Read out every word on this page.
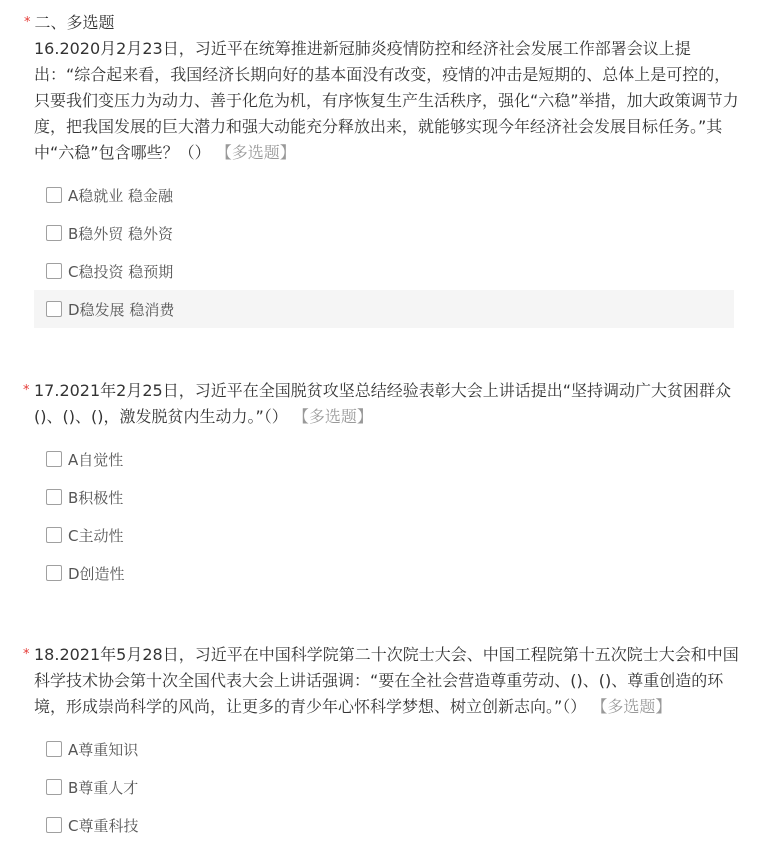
* 二、多选题
16.2020月2月23日，习近平在统筹推进新冠肺炎疫情防控和经济社会发展工作部署会议上提出：“综合起来看，我国经济长期向好的基本面没有改变，疫情的冲击是短期的、总体上是可控的，只要我们变压力为动力、善于化危为机，有序恢复生产生活秩序，强化“六稳”举措，加大政策调节力度，把我国发展的巨大潜力和强大动能充分释放出来，就能够实现今年经济社会发展目标任务。”其中“六稳”包含哪些？（） 【多选题】
A稳就业 稳金融
B稳外贸 稳外资
C稳投资 稳预期
D稳发展 稳消费
* 17.2021年2月25日，习近平在全国脱贫攻坚总结经验表彰大会上讲话提出“坚持调动广大贫困群众()、()、()，激发脱贫内生动力。”（） 【多选题】
A自觉性
B积极性
C主动性
D创造性
* 18.2021年5月28日，习近平在中国科学院第二十次院士大会、中国工程院第十五次院士大会和中国科学技术协会第十次全国代表大会上讲话强调：“要在全社会营造尊重劳动、()、()、尊重创造的环境，形成崇尚科学的风尚，让更多的青少年心怀科学梦想、树立创新志向。”（） 【多选题】
A尊重知识
B尊重人才
C尊重科技
